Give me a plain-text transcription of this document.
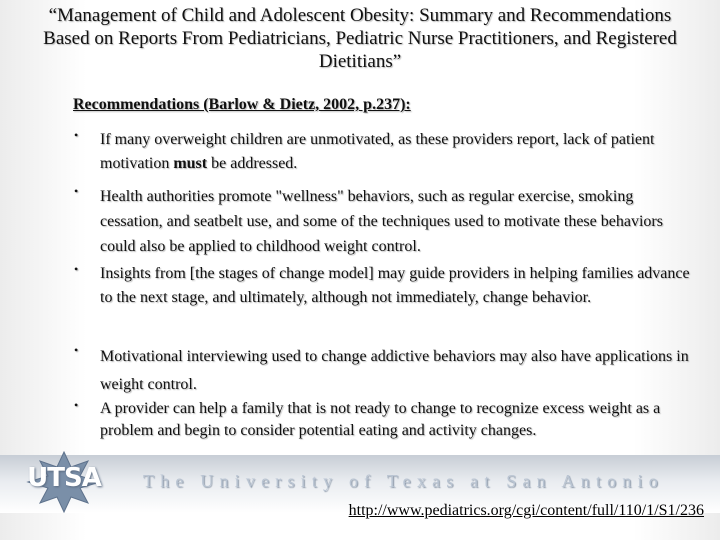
“Management of Child and Adolescent Obesity: Summary and Recommendations Based on Reports From Pediatricians, Pediatric Nurse Practitioners, and Registered Dietitians”
Recommendations (Barlow & Dietz, 2002, p.237):
• If many overweight children are unmotivated, as these providers report, lack of patient motivation must be addressed.
• Health authorities promote "wellness" behaviors, such as regular exercise, smoking cessation, and seatbelt use, and some of the techniques used to motivate these behaviors could also be applied to childhood weight control.
• Insights from [the stages of change model] may guide providers in helping families advance to the next stage, and ultimately, although not immediately, change behavior.
• Motivational interviewing used to change addictive behaviors may also have applications in weight control.
• A provider can help a family that is not ready to change to recognize excess weight as a problem and begin to consider potential eating and activity changes.
UTSA	The University of Texas at San Antonio
http://www.pediatrics.org/cgi/content/full/110/1/S1/236
